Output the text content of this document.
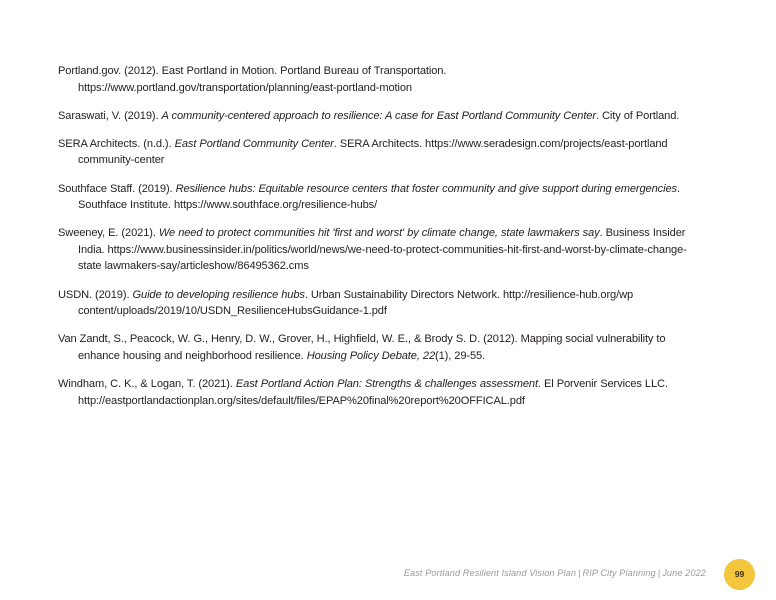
Portland.gov. (2012). East Portland in Motion. Portland Bureau of Transportation.
https://www.portland.gov/transportation/planning/east-portland-motion

Saraswati, V. (2019). A community-centered approach to resilience: A case for East Portland Community Center. City of Portland.

SERA Architects. (n.d.). East Portland Community Center. SERA Architects. https://www.seradesign.com/projects/east-portland community-center

Southface Staff. (2019). Resilience hubs: Equitable resource centers that foster community and give support during emergencies. Southface Institute. https://www.southface.org/resilience-hubs/

Sweeney, E. (2021). We need to protect communities hit 'first and worst' by climate change, state lawmakers say. Business Insider India. https://www.businessinsider.in/politics/world/news/we-need-to-protect-communities-hit-first-and-worst-by-climate-change-state lawmakers-say/articleshow/86495362.cms

USDN. (2019). Guide to developing resilience hubs. Urban Sustainability Directors Network. http://resilience-hub.org/wp content/uploads/2019/10/USDN_ResilienceHubsGuidance-1.pdf

Van Zandt, S., Peacock, W. G., Henry, D. W., Grover, H., Highfield, W. E., & Brody S. D. (2012). Mapping social vulnerability to enhance housing and neighborhood resilience. Housing Policy Debate, 22(1), 29-55.

Windham, C. K., & Logan, T. (2021). East Portland Action Plan: Strengths & challenges assessment. El Porvenir Services LLC. http://eastportlandactionplan.org/sites/default/files/EPAP%20final%20report%20OFFICAL.pdf

East Portland Resilient Island Vision Plan | RIP City Planning | June 2022	99
